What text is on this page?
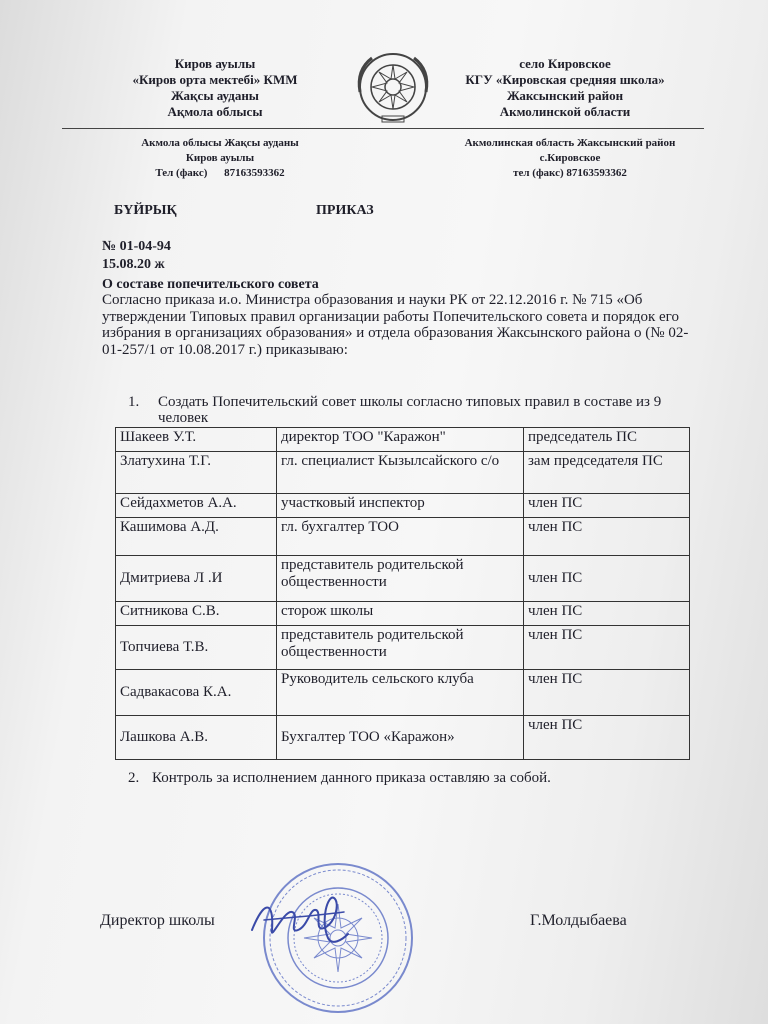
Киров ауылы
«Киров орта мектебі» КММ
Жақсы ауданы
Ақмола облысы
село Кировское
КГУ «Кировская средняя школа»
Жаксынский район
Акмолинской области
Акмола облысы Жақсы ауданы
Киров ауылы
Тел (факс) 87163593362
Акмолинская область Жаксынский район
с.Кировское
тел (факс) 87163593362
БҮЙРЫҚ	ПРИКАЗ
№ 01-04-94
15.08.20 ж
О составе попечительского совета
Согласно приказа и.о. Министра образования и науки РК от 22.12.2016 г. № 715 «Об утверждении Типовых правил организации работы Попечительского совета и порядок его избрания в организациях образования» и отдела образования Жаксынского района о (№ 02-01-257/1 от 10.08.2017 г.) приказываю:
1. Создать Попечительский совет школы согласно типовых правил в составе из 9 человек
Шакеев У.Т.	директор ТОО "Каражон"	председатель ПС
Златухина Т.Г.	гл. специалист Кызылсайского с/о	зам председателя ПС
Сейдахметов А.А.	участковый инспектор	член ПС
Кашимова А.Д.	гл. бухгалтер ТОО	член ПС
Дмитриева Л .И	представитель родительской общественности	член ПС
Ситникова С.В.	сторож школы	член ПС
Топчиева Т.В.	представитель родительской общественности	член ПС
Садвакасова К.А.	Руководитель сельского клуба	член ПС
Лашкова А.В.	Бухгалтер ТОО «Каражон»	член ПС
2. Контроль за исполнением данного приказа оставляю за собой.
Директор школы	Г.Молдыбаева
